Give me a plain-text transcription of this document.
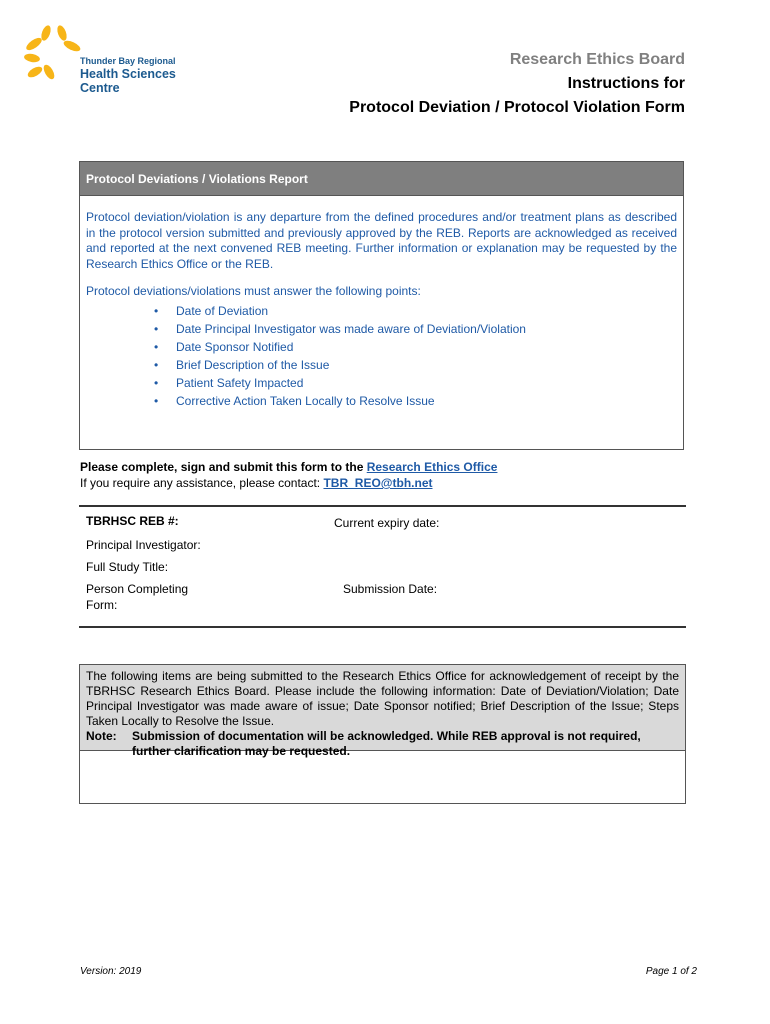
Thunder Bay Regional
Health Sciences
Centre
Research Ethics Board
Instructions for
Protocol Deviation / Protocol Violation Form
Protocol Deviations / Violations Report
Protocol deviation/violation is any departure from the defined procedures and/or treatment plans as described in the protocol version submitted and previously approved by the REB. Reports are acknowledged as received and reported at the next convened REB meeting. Further information or explanation may be requested by the Research Ethics Office or the REB.
Protocol deviations/violations must answer the following points:
• Date of Deviation
• Date Principal Investigator was made aware of Deviation/Violation
• Date Sponsor Notified
• Brief Description of the Issue
• Patient Safety Impacted
• Corrective Action Taken Locally to Resolve Issue
Please complete, sign and submit this form to the Research Ethics Office
If you require any assistance, please contact: TBR_REO@tbh.net
TBRHSC REB #:	Current expiry date:
Principal Investigator:
Full Study Title:
Person Completing
Form:
Submission Date:
The following items are being submitted to the Research Ethics Office for acknowledgement of receipt by the TBRHSC Research Ethics Board. Please include the following information: Date of Deviation/Violation; Date Principal Investigator was made aware of issue; Date Sponsor notified; Brief Description of the Issue; Steps Taken Locally to Resolve the Issue.
Note:	Submission of documentation will be acknowledged. While REB approval is not required, further clarification may be requested.
Version: 2019	Page 1 of 2
